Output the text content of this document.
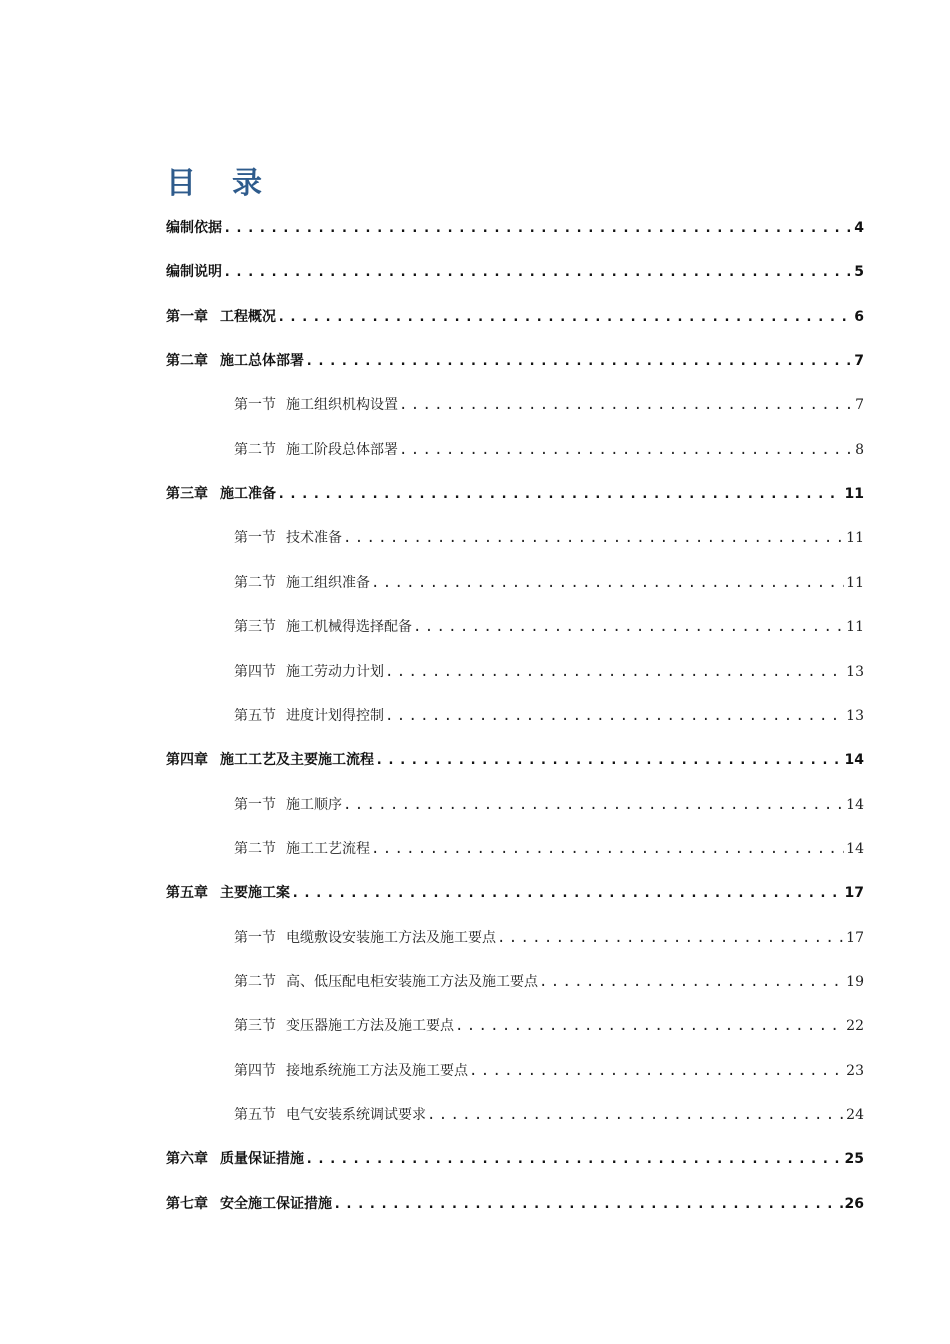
目 录
编制依据 .....	4
编制说明 .....	5
第一章 工程概况 .....	6
第二章 施工总体部署 .....	7
第一节 施工组织机构设置 .....	7
第二节 施工阶段总体部署 .....	8
第三章 施工准备 .....	11
第一节 技术准备 .....	11
第二节 施工组织准备 .....	11
第三节 施工机械得选择配备 .....	11
第四节 施工劳动力计划 .....	13
第五节 进度计划得控制 .....	13
第四章 施工工艺及主要施工流程 .....	14
第一节 施工顺序 .....	14
第二节 施工工艺流程 .....	14
第五章 主要施工案 .....	17
第一节 电缆敷设安装施工方法及施工要点 .....	17
第二节 高、低压配电柜安装施工方法及施工要点 .....	19
第三节 变压器施工方法及施工要点 .....	22
第四节 接地系统施工方法及施工要点 .....	23
第五节 电气安装系统调试要求 .....	24
第六章 质量保证措施 .....	25
第七章 安全施工保证措施 .....	26
